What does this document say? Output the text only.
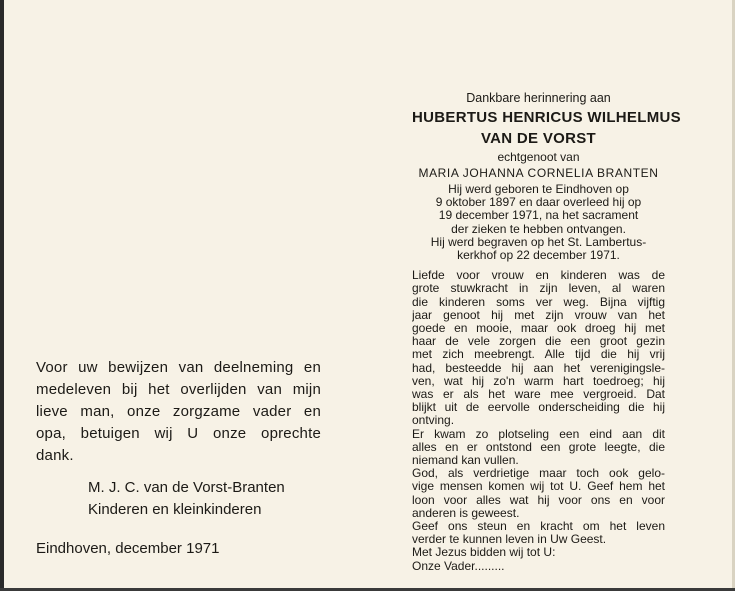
Voor uw bewijzen van deelneming en
medeleven bij het overlijden van mijn
lieve man, onze zorgzame vader en
opa, betuigen wij U onze oprechte
dank.
M. J. C. van de Vorst-Branten
Kinderen en kleinkinderen
Eindhoven, december 1971
Dankbare herinnering aan
HUBERTUS HENRICUS WILHELMUS
VAN DE VORST
echtgenoot van
MARIA JOHANNA CORNELIA BRANTEN
Hij werd geboren te Eindhoven op
9 oktober 1897 en daar overleed hij op
19 december 1971, na het sacrament
der zieken te hebben ontvangen.
Hij werd begraven op het St. Lambertus-
kerkhof op 22 december 1971.
Liefde voor vrouw en kinderen was de
grote stuwkracht in zijn leven, al waren
die kinderen soms ver weg. Bijna vijftig
jaar genoot hij met zijn vrouw van het
goede en mooie, maar ook droeg hij met
haar de vele zorgen die een groot gezin
met zich meebrengt. Alle tijd die hij vrij
had, besteedde hij aan het verenigingsle-
ven, wat hij zo'n warm hart toedroeg; hij
was er als het ware mee vergroeid. Dat
blijkt uit de eervolle onderscheiding die hij
ontving.
Er kwam zo plotseling een eind aan dit
alles en er ontstond een grote leegte, die
niemand kan vullen.
God, als verdrietige maar toch ook gelo-
vige mensen komen wij tot U. Geef hem het
loon voor alles wat hij voor ons en voor
anderen is geweest.
Geef ons steun en kracht om het leven
verder te kunnen leven in Uw Geest.
Met Jezus bidden wij tot U:
Onze Vader.........
